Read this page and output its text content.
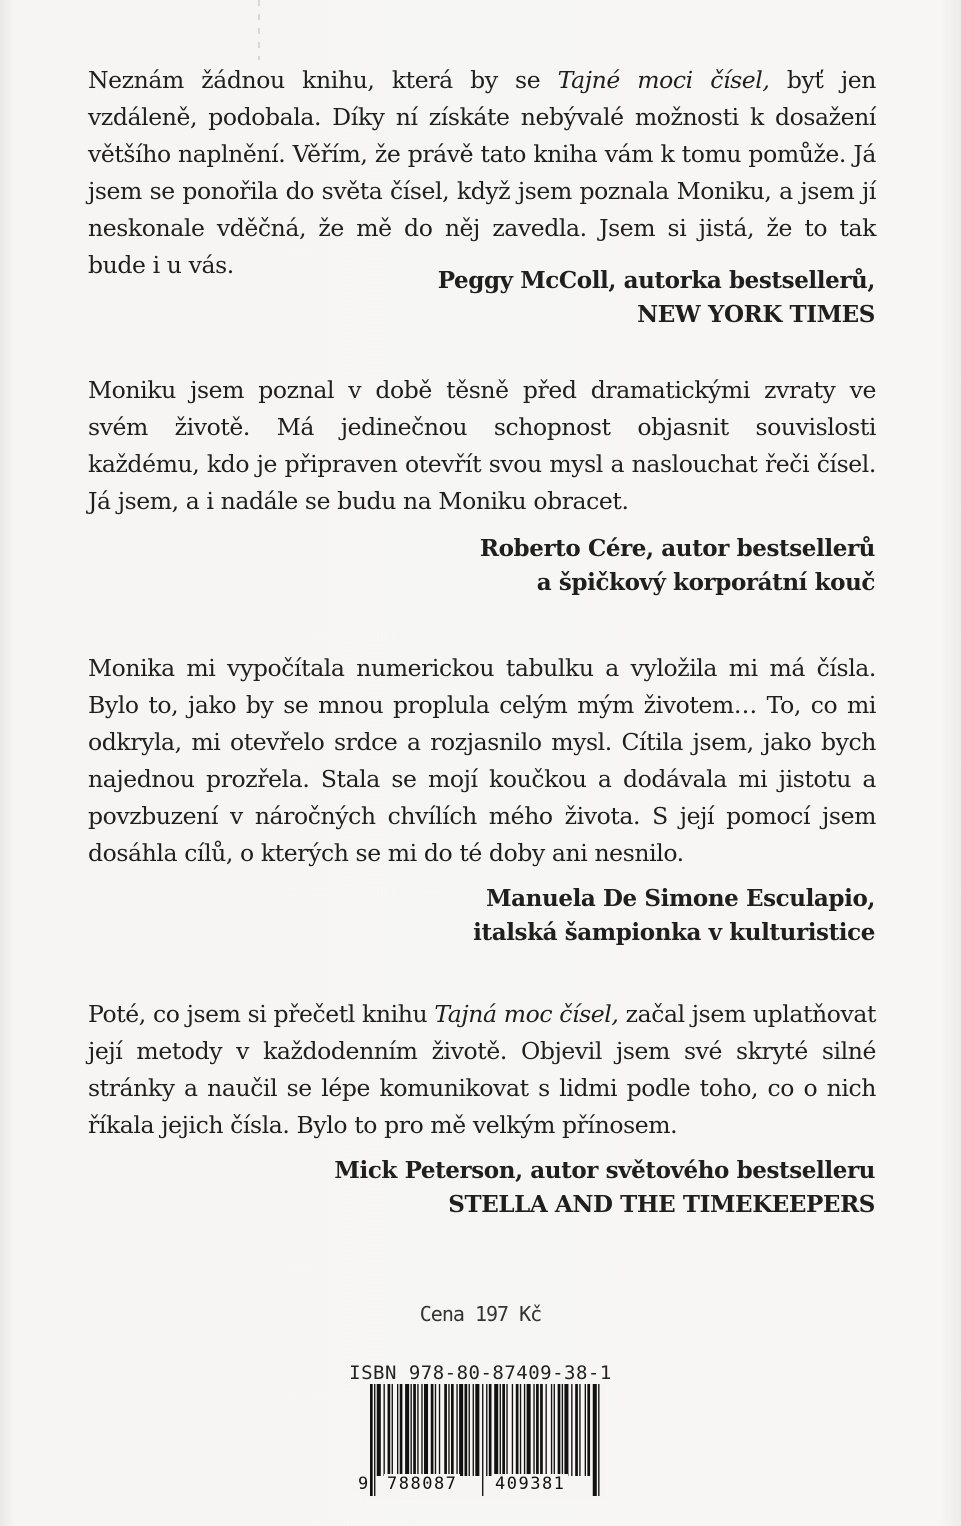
Neznám žádnou knihu, která by se Tajné moci čísel, byť jen vzdáleně, podobala. Díky ní získáte nebývalé možnosti k dosažení většího naplnění. Věřím, že právě tato kniha vám k tomu pomůže. Já jsem se ponořila do světa čísel, když jsem poznala Moniku, a jsem jí neskonale vděčná, že mě do něj zavedla. Jsem si jistá, že to tak bude i u vás.

Peggy McColl, autorka bestsellerů,
NEW YORK TIMES

Moniku jsem poznal v době těsně před dramatickými zvraty ve svém životě. Má jedinečnou schopnost objasnit souvislosti každému, kdo je připraven otevřít svou mysl a naslouchat řeči čísel. Já jsem, a i nadále se budu na Moniku obracet.

Roberto Cére, autor bestsellerů
a špičkový korporátní kouč

Monika mi vypočítala numerickou tabulku a vyložila mi má čísla. Bylo to, jako by se mnou proplula celým mým životem… To, co mi odkryla, mi otevřelo srdce a rozjasnilo mysl. Cítila jsem, jako bych najednou prozřela. Stala se mojí koučkou a dodávala mi jistotu a povzbuzení v náročných chvílích mého života. S její pomocí jsem dosáhla cílů, o kterých se mi do té doby ani nesnilo.

Manuela De Simone Esculapio,
italská šampionka v kulturistice

Poté, co jsem si přečetl knihu Tajná moc čísel, začal jsem uplatňovat její metody v každodenním životě. Objevil jsem své skryté silné stránky a naučil se lépe komunikovat s lidmi podle toho, co o nich říkala jejich čísla. Bylo to pro mě velkým přínosem.

Mick Peterson, autor světového bestselleru
STELLA AND THE TIMEKEEPERS

Cena 197 Kč
ISBN 978-80-87409-38-1
9 788087 409381
